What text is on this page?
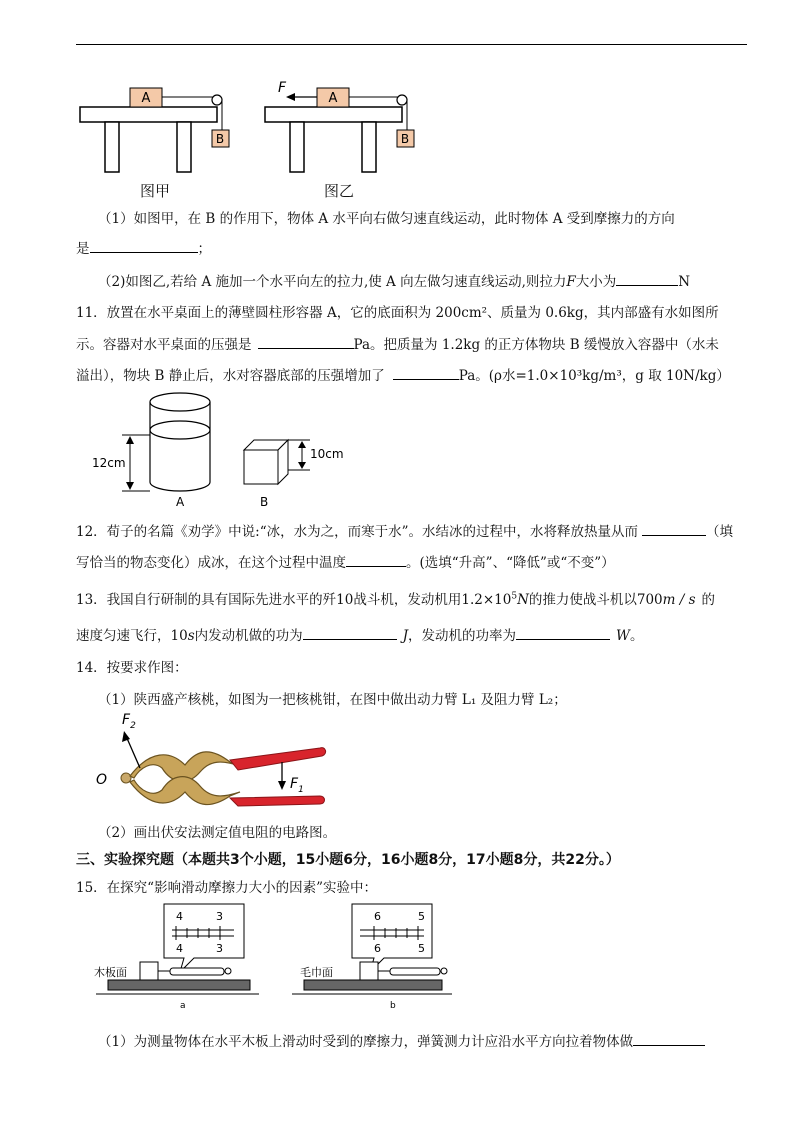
A
B
A
F
B
图甲	图乙
（1）如图甲，在 B 的作用下，物体 A 水平向右做匀速直线运动，此时物体 A 受到摩擦力的方向
是	；
（2)如图乙,若给 A 施加一个水平向左的拉力,使 A 向左做匀速直线运动,则拉力F大小为	N
11．放置在水平桌面上的薄壁圆柱形容器 A，它的底面积为 200cm²、质量为 0.6kg，其内部盛有水如图所
示。容器对水平桌面的压强是	Pa。把质量为 1.2kg 的正方体物块 B 缓慢放入容器中（水未
溢出），物块 B 静止后，水对容器底部的压强增加了	Pa。(ρ水=1.0×10³kg/m³，g 取 10N/kg）
12cm
A
10cm
B
12．荀子的名篇《劝学》中说:“冰，水为之，而寒于水”。水结冰的过程中，水将释放热量从而	（填
写恰当的物态变化）成冰，在这个过程中温度	。(选填“升高”、“降低”或“不变”）
13．我国自行研制的具有国际先进水平的歼10战斗机，发动机用$1.2\times 10^5N$的推力使战斗机以700m / s 的
速度匀速飞行，10s内发动机做的功为	J，发动机的功率为	W。
14．按要求作图：
（1）陕西盛产核桃，如图为一把核桃钳，在图中做出动力臂 L₁ 及阻力臂 L₂；
O
$F_2$
$F_1$
（2）画出伏安法测定值电阻的电路图。
三、实验探究题（本题共3个小题，15小题6分，16小题8分，17小题8分，共22分。）
15．在探究“影响滑动摩擦力大小的因素”实验中：
4	3
4	3
木板面
a
6	5
6	5
毛巾面
b
（1）为测量物体在水平木板上滑动时受到的摩擦力，弹簧测力计应沿水平方向拉着物体做
